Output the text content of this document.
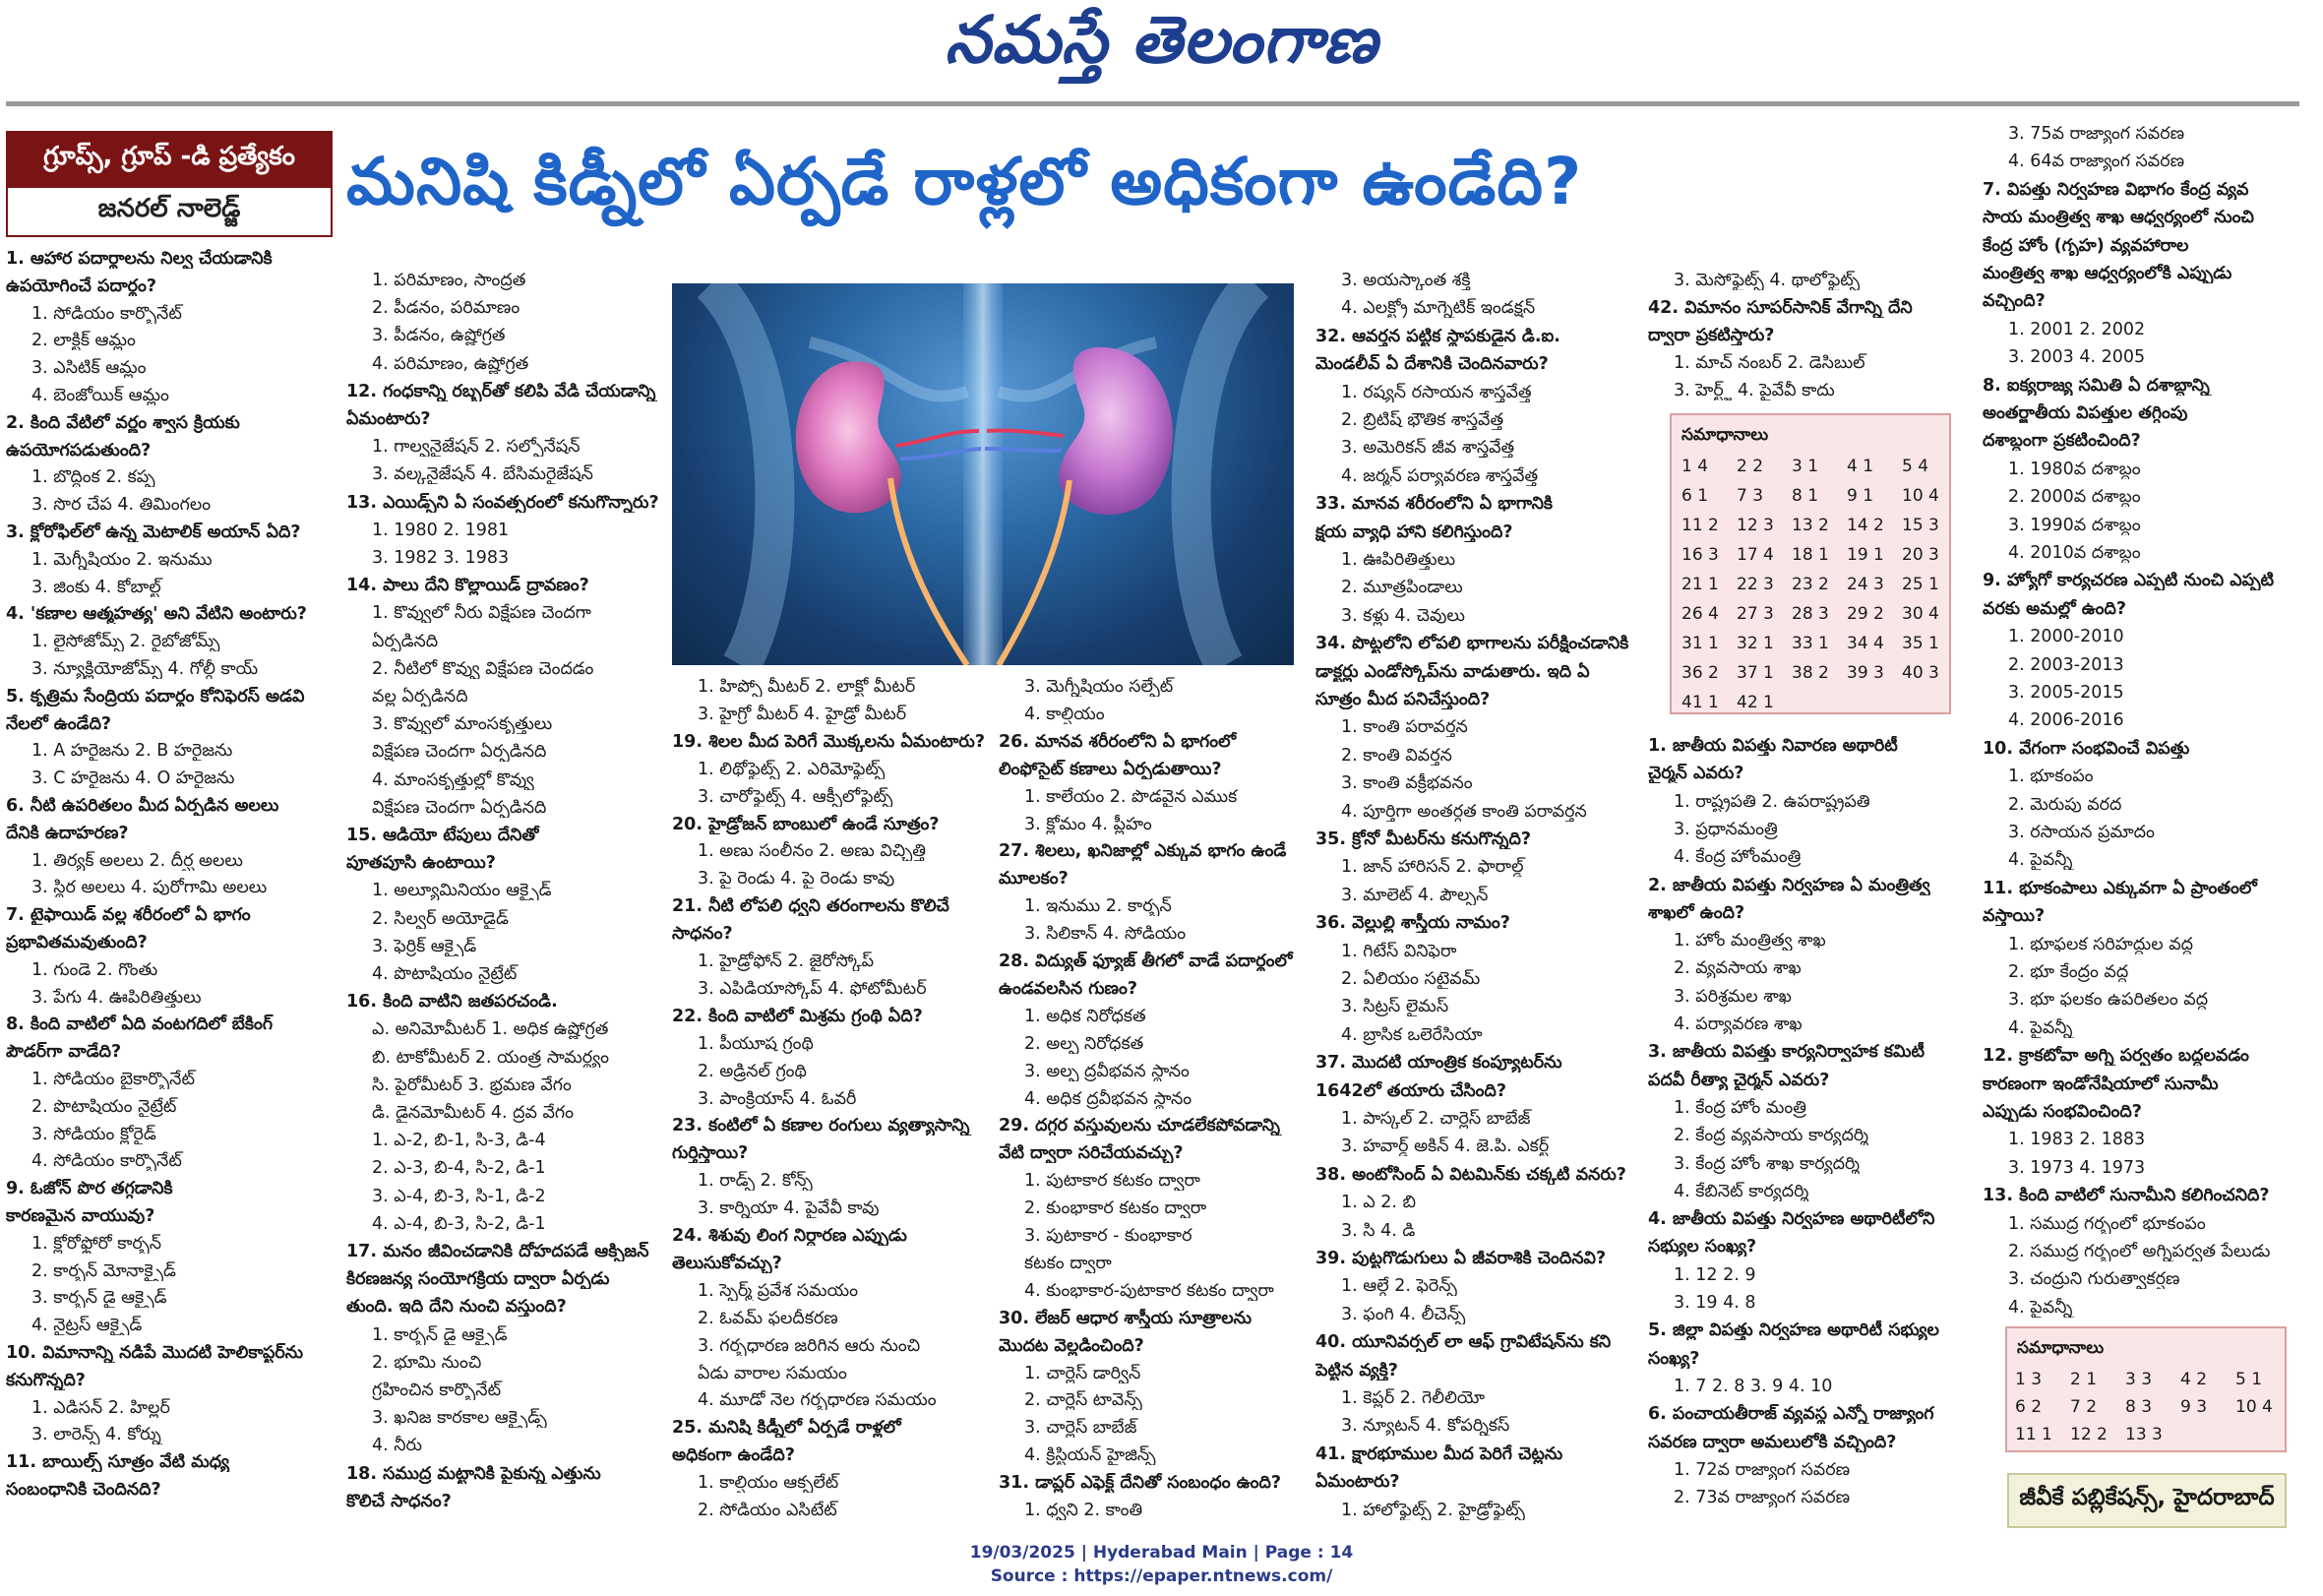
నమస్తే తెలంగాణ
గ్రూప్స్, గ్రూప్ -డి ప్రత్యేకం
జనరల్ నాలెడ్జ్	మనిషి కిడ్నీలో ఏర్పడే రాళ్లలో అధికంగా ఉండేది?
1. ఆహార పదార్థాలను నిల్వ చేయడానికి
ఉపయోగించే పదార్థం?
1. సోడియం కార్బొనేట్
2. లాక్టిక్ ఆమ్లం
3. ఎసిటిక్ ఆమ్లం
4. బెంజోయిక్ ఆమ్లం
2. కింది వేటిలో వర్ణం శ్వాస క్రియకు
ఉపయోగపడుతుంది?
1. బొద్దింక 2. కప్ప
3. సొర చేప 4. తిమింగలం
3. క్లోరోఫిల్‌లో ఉన్న మెటాలిక్ అయాన్ ఏది?
1. మెగ్నీషియం 2. ఇనుము
3. జింకు 4. కోబాల్ట్
4. 'కణాల ఆత్మహత్య' అని వేటిని అంటారు?
1. లైసోజోమ్స్ 2. రైబోజోమ్స్
3. న్యూక్లియోజోమ్స్ 4. గోల్గీ కాయ్
5. కృత్రిమ సేంద్రియ పదార్థం కోనిఫెరస్ అడవి
నేలలో ఉండేది?
1. A హరైజను 2. B హరైజను
3. C హరైజను 4. O హరైజను
6. నీటి ఉపరితలం మీద ఏర్పడిన అలలు
దేనికి ఉదాహరణ?
1. తిర్యక్ అలలు 2. దీర్ఘ అలలు
3. స్థిర అలలు 4. పురోగామి అలలు
7. టైఫాయిడ్ వల్ల శరీరంలో ఏ భాగం
ప్రభావితమవుతుంది?
1. గుండె 2. గొంతు
3. పేగు 4. ఊపిరితిత్తులు
8. కింది వాటిలో ఏది వంటగదిలో బేకింగ్
పౌడర్‌గా వాడేది?
1. సోడియం బైకార్బొనేట్
2. పొటాషియం నైట్రేట్
3. సోడియం క్లోరైడ్
4. సోడియం కార్బొనేట్
9. ఓజోన్ పొర తగ్గడానికి
కారణమైన వాయువు?
1. క్లోరోఫ్లోరో కార్బన్
2. కార్బన్ మోనాక్సైడ్
3. కార్బన్ డై ఆక్సైడ్
4. నైట్రస్ ఆక్సైడ్
10. విమానాన్ని నడిపే మొదటి హెలికాప్టర్‌ను
కనుగొన్నది?
1. ఎడిసన్ 2. హిల్లర్
3. లారెన్స్ 4. కోర్ను
11. బాయిల్స్ సూత్రం వేటి మధ్య
సంబంధానికి చెందినది?
1. పరిమాణం, సాంద్రత
2. పీడనం, పరిమాణం
3. పీడనం, ఉష్ణోగ్రత
4. పరిమాణం, ఉష్ణోగ్రత
12. గంధకాన్ని రబ్బర్‌తో కలిపి వేడి చేయడాన్ని
ఏమంటారు?
1. గాల్వనైజేషన్ 2. సల్ఫోనేషన్
3. వల్కనైజేషన్ 4. బేసిమరైజేషన్
13. ఎయిడ్స్‌ని ఏ సంవత్సరంలో కనుగొన్నారు?
1. 1980 2. 1981
3. 1982 3. 1983
14. పాలు దేని కొల్లాయిడ్ ద్రావణం?
1. కొవ్వులో నీరు విక్షేపణ చెందగా
ఏర్పడినది
2. నీటిలో కొవ్వు విక్షేపణ చెందడం
వల్ల ఏర్పడినది
3. కొవ్వులో మాంసకృత్తులు
విక్షేపణ చెందగా ఏర్పడినది
4. మాంసకృత్తుల్లో కొవ్వు
విక్షేపణ చెందగా ఏర్పడినది
15. ఆడియో టేపులు దేనితో
పూతపూసి ఉంటాయి?
1. అల్యూమినియం ఆక్సైడ్
2. సిల్వర్ అయోడైడ్
3. ఫెర్రిక్ ఆక్సైడ్
4. పొటాషియం నైట్రేట్
16. కింది వాటిని జతపరచండి.
ఎ. అనిమోమీటర్ 1. అధిక ఉష్ణోగ్రత
బి. టాకోమీటర్ 2. యంత్ర సామర్థ్యం
సి. పైరోమీటర్ 3. భ్రమణ వేగం
డి. డైనమోమీటర్ 4. ద్రవ వేగం
1. ఎ-2, బి-1, సి-3, డి-4
2. ఎ-3, బి-4, సి-2, డి-1
3. ఎ-4, బి-3, సి-1, డి-2
4. ఎ-4, బి-3, సి-2, డి-1
17. మనం జీవించడానికి దోహదపడే ఆక్సిజన్
కిరణజన్య సంయోగక్రియ ద్వారా ఏర్పడు
తుంది. ఇది దేని నుంచి వస్తుంది?
1. కార్బన్ డై ఆక్సైడ్
2. భూమి నుంచి
గ్రహించిన కార్బొనేట్
3. ఖనిజ కారకాల ఆక్సైడ్స్
4. నీరు
18. సముద్ర మట్టానికి పైకున్న ఎత్తును
కొలిచే సాధనం?
1. హిప్సో మీటర్ 2. లాక్టో మీటర్
3. హైగ్రో మీటర్ 4. హైడ్రో మీటర్
19. శిలల మీద పెరిగే మొక్కలను ఏమంటారు?
1. లిథోఫైట్స్ 2. ఎరిమోఫైట్స్
3. చారోఫైట్స్ 4. ఆక్సీలోఫైట్స్
20. హైడ్రోజన్ బాంబులో ఉండే సూత్రం?
1. అణు సంలీనం 2. అణు విచ్ఛిత్తి
3. పై రెండు 4. పై రెండు కావు
21. నీటి లోపలి ధ్వని తరంగాలను కొలిచే
సాధనం?
1. హైడ్రోఫోన్ 2. జైరోస్కోప్
3. ఎపిడియాస్కోప్ 4. ఫోటోమీటర్
22. కింది వాటిలో మిశ్రమ గ్రంథి ఏది?
1. పీయూష గ్రంథి
2. అడ్రినల్ గ్రంథి
3. పాంక్రియాస్ 4. ఓవరీ
23. కంటిలో ఏ కణాల రంగులు వ్యత్యాసాన్ని
గుర్తిస్తాయి?
1. రాడ్స్ 2. కోన్స్
3. కార్నియా 4. పైవేవీ కావు
24. శిశువు లింగ నిర్ధారణ ఎప్పుడు
తెలుసుకోవచ్చు?
1. స్పెర్మ్ ప్రవేశ సమయం
2. ఓవమ్ ఫలదీకరణ
3. గర్భధారణ జరిగిన ఆరు నుంచి
ఏడు వారాల సమయం
4. మూడో నెల గర్భధారణ సమయం
25. మనిషి కిడ్నీలో ఏర్పడే రాళ్లలో
అధికంగా ఉండేది?
1. కాల్షియం ఆక్సలేట్
2. సోడియం ఎసిటేట్
3. మెగ్నీషియం సల్ఫేట్
4. కాల్షియం
26. మానవ శరీరంలోని ఏ భాగంలో
లింఫోసైట్ కణాలు ఏర్పడుతాయి?
1. కాలేయం 2. పొడవైన ఎముక
3. క్లోమం 4. ప్లీహం
27. శిలలు, ఖనిజాల్లో ఎక్కువ భాగం ఉండే
మూలకం?
1. ఇనుము 2. కార్బన్
3. సిలికాన్ 4. సోడియం
28. విద్యుత్ ఫ్యూజ్ తీగలో వాడే పదార్థంలో
ఉండవలసిన గుణం?
1. అధిక నిరోధకత
2. అల్ప నిరోధకత
3. అల్ప ద్రవీభవన స్థానం
4. అధిక ద్రవీభవన స్థానం
29. దగ్గర వస్తువులను చూడలేకపోవడాన్ని
వేటి ద్వారా సరిచేయవచ్చు?
1. పుటాకార కటకం ద్వారా
2. కుంభాకార కటకం ద్వారా
3. పుటాకార - కుంభాకార
కటకం ద్వారా
4. కుంభాకార-పుటాకార కటకం ద్వారా
30. లేజర్ ఆధార శాస్త్రీయ సూత్రాలను
మొదట వెల్లడించింది?
1. చార్లెస్ డార్విన్
2. చార్లెస్ టావెన్స్
3. చార్లెస్ బాబేజ్
4. క్రిస్టియన్ హైజిన్స్
31. డాప్లర్ ఎఫెక్ట్ దేనితో సంబంధం ఉంది?
1. ధ్వని 2. కాంతి
3. అయస్కాంత శక్తి
4. ఎలక్ట్రో మాగ్నెటిక్ ఇండక్షన్
32. ఆవర్తన పట్టిక స్థాపకుడైన డి.ఐ.
మెండలీవ్ ఏ దేశానికి చెందినవారు?
1. రష్యన్ రసాయన శాస్త్రవేత్త
2. బ్రిటిష్ భౌతిక శాస్త్రవేత్త
3. అమెరికన్ జీవ శాస్త్రవేత్త
4. జర్మన్ పర్యావరణ శాస్త్రవేత్త
33. మానవ శరీరంలోని ఏ భాగానికి
క్షయ వ్యాధి హాని కలిగిస్తుంది?
1. ఊపిరితిత్తులు
2. మూత్రపిండాలు
3. కళ్లు 4. చెవులు
34. పొట్టలోని లోపలి భాగాలను పరీక్షించడానికి
డాక్టర్లు ఎండోస్కోప్‌ను వాడుతారు. ఇది ఏ
సూత్రం మీద పనిచేస్తుంది?
1. కాంతి పరావర్తన
2. కాంతి వివర్తన
3. కాంతి వక్రీభవనం
4. పూర్తిగా అంతర్గత కాంతి పరావర్తన
35. క్రోనో మీటర్‌ను కనుగొన్నది?
1. జాన్ హారిసన్ 2. ఫారాల్డ్
3. మాలెట్ 4. పౌల్సన్
36. వెల్లుల్లి శాస్త్రీయ నామం?
1. గిటేస్ వినిఫెరా
2. ఏలియం సటైవమ్
3. సిట్రస్ లైమస్
4. బ్రాసిక ఒలెరేసియా
37. మొదటి యాంత్రిక కంప్యూటర్‌ను
1642లో తయారు చేసింది?
1. పాస్కల్ 2. చార్లెస్ బాబేజ్
3. హవార్డ్ అకిన్ 4. జె.పి. ఎకర్ట్
38. అంటోసింద్ ఏ విటమిన్‌కు చక్కటి వనరు?
1. ఎ 2. బి
3. సి 4. డి
39. పుట్టగొడుగులు ఏ జీవరాశికి చెందినవి?
1. ఆల్గే 2. ఫెరెన్స్
3. ఫంగి 4. లీచెన్స్
40. యూనివర్సల్ లా ఆఫ్ గ్రావిటేషన్‌ను కని
పెట్టిన వ్యక్తి?
1. కెప్లర్ 2. గెలీలియో
3. న్యూటన్ 4. కోపర్నికస్
41. క్షారభూముల మీద పెరిగే చెట్లను
ఏమంటారు?
1. హాలోఫైట్స్ 2. హైడ్రోఫైట్స్
3. మెసోఫైట్స్ 4. థాలోఫైట్స్
42. విమానం సూపర్‌సానిక్ వేగాన్ని దేని
ద్వారా ప్రకటిస్తారు?
1. మాచ్ నంబర్ 2. డెసిబుల్
3. హెర్ట్జ్ 4. పైవేవీ కాదు
సమాధానాలు
1 4 2 2 3 1 4 1 5 4
6 1 7 3 8 1 9 1 10 4
11 2 12 3 13 2 14 2 15 3
16 3 17 4 18 1 19 1 20 3
21 1 22 3 23 2 24 3 25 1
26 4 27 3 28 3 29 2 30 4
31 1 32 1 33 1 34 4 35 1
36 2 37 1 38 2 39 3 40 3
41 1 42 1
1. జాతీయ విపత్తు నివారణ అథారిటీ
చైర్మన్ ఎవరు?
1. రాష్ట్రపతి 2. ఉపరాష్ట్రపతి
3. ప్రధానమంత్రి
4. కేంద్ర హోంమంత్రి
2. జాతీయ విపత్తు నిర్వహణ ఏ మంత్రిత్వ
శాఖలో ఉంది?
1. హోం మంత్రిత్వ శాఖ
2. వ్యవసాయ శాఖ
3. పరిశ్రమల శాఖ
4. పర్యావరణ శాఖ
3. జాతీయ విపత్తు కార్యనిర్వాహక కమిటీ
పదవీ రీత్యా చైర్మన్ ఎవరు?
1. కేంద్ర హోం మంత్రి
2. కేంద్ర వ్యవసాయ కార్యదర్శి
3. కేంద్ర హోం శాఖ కార్యదర్శి
4. కేబినెట్ కార్యదర్శి
4. జాతీయ విపత్తు నిర్వహణ అథారిటీలోని
సభ్యుల సంఖ్య?
1. 12 2. 9
3. 19 4. 8
5. జిల్లా విపత్తు నిర్వహణ అథారిటీ సభ్యుల
సంఖ్య?
1. 7 2. 8 3. 9 4. 10
6. పంచాయతీరాజ్ వ్యవస్థ ఎన్నో రాజ్యాంగ
సవరణ ద్వారా అమలులోకి వచ్చింది?
1. 72వ రాజ్యాంగ సవరణ
2. 73వ రాజ్యాంగ సవరణ
3. 75వ రాజ్యాంగ సవరణ
4. 64వ రాజ్యాంగ సవరణ
7. విపత్తు నిర్వహణ విభాగం కేంద్ర వ్యవ
సాయ మంత్రిత్వ శాఖ ఆధ్వర్యంలో నుంచి
కేంద్ర హోం (గృహ) వ్యవహారాల
మంత్రిత్వ శాఖ ఆధ్వర్యంలోకి ఎప్పుడు
వచ్చింది?
1. 2001 2. 2002
3. 2003 4. 2005
8. ఐక్యరాజ్య సమితి ఏ దశాబ్దాన్ని
అంతర్జాతీయ విపత్తుల తగ్గింపు
దశాబ్దంగా ప్రకటించింది?
1. 1980వ దశాబ్దం
2. 2000వ దశాబ్దం
3. 1990వ దశాబ్దం
4. 2010వ దశాబ్దం
9. హ్యోగో కార్యచరణ ఎప్పటి నుంచి ఎప్పటి
వరకు అమల్లో ఉంది?
1. 2000-2010
2. 2003-2013
3. 2005-2015
4. 2006-2016
10. వేగంగా సంభవించే విపత్తు
1. భూకంపం
2. మెరుపు వరద
3. రసాయన ప్రమాదం
4. పైవన్నీ
11. భూకంపాలు ఎక్కువగా ఏ ప్రాంతంలో
వస్తాయి?
1. భూఫలక సరిహద్దుల వద్ద
2. భూ కేంద్రం వద్ద
3. భూ ఫలకం ఉపరితలం వద్ద
4. పైవన్నీ
12. క్రాకటోవా అగ్ని పర్వతం బద్దలవడం
కారణంగా ఇండోనేషియాలో సునామీ
ఎప్పుడు సంభవించింది?
1. 1983 2. 1883
3. 1973 4. 1973
13. కింది వాటిలో సునామీని కలిగించనిది?
1. సముద్ర గర్భంలో భూకంపం
2. సముద్ర గర్భంలో అగ్నిపర్వత పేలుడు
3. చంద్రుని గురుత్వాకర్షణ
4. పైవన్నీ
సమాధానాలు
1 3 2 1 3 3 4 2 5 1
6 2 7 2 8 3 9 3 10 4
11 1 12 2 13 3
జీవీకే పబ్లికేషన్స్, హైదరాబాద్
19/03/2025 | Hyderabad Main | Page : 14
Source : https://epaper.ntnews.com/
